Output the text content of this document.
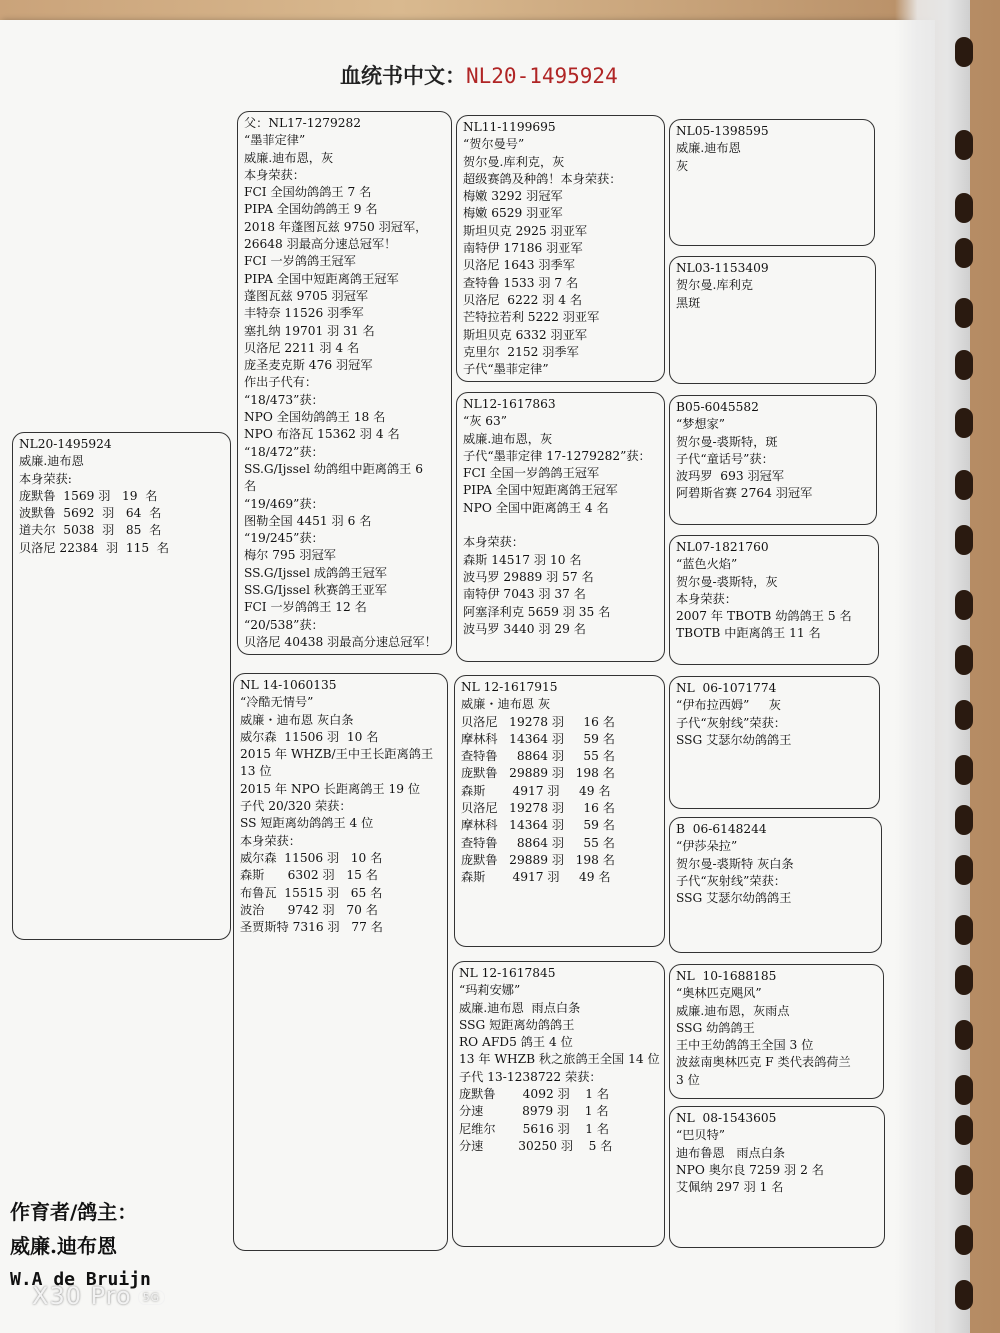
血统书中文：NL20-1495924
NL20-1495924
威廉.迪布恩
本身荣获:
庞默鲁  1569 羽   19  名
波默鲁  5692  羽   64  名
道夫尔  5038  羽   85  名
贝洛尼 22384  羽  115  名
父：NL17-1279282
“墨菲定律”
威廉.迪布恩，灰
本身荣获：
FCI 全国幼鸽鸽王 7 名
PIPA 全国幼鸽鸽王 9 名
2018 年蓬图瓦兹 9750 羽冠军，
26648 羽最高分速总冠军！
FCI 一岁鸽鸽王冠军
PIPA 全国中短距离鸽王冠军
蓬图瓦兹 9705 羽冠军
丰特奈 11526 羽季军
塞扎纳 19701 羽 31 名
贝洛尼 2211 羽 4 名
庞圣麦克斯 476 羽冠军
作出子代有：
“18/473”获：
NPO 全国幼鸽鸽王 18 名
NPO 布洛瓦 15362 羽 4 名
“18/472”获：
SS.G/Ijssel 幼鸽组中距离鸽王 6
名
“19/469”获：
图勒全国 4451 羽 6 名
“19/245”获：
梅尔 795 羽冠军
SS.G/Ijssel 成鸽鸽王冠军
SS.G/Ijssel 秋赛鸽王亚军
FCI 一岁鸽鸽王 12 名
“20/538”获：
贝洛尼 40438 羽最高分速总冠军！
NL 14-1060135
“冷酷无情号”
威廉・迪布恩 灰白条
威尔森  11506 羽  10 名
2015 年 WHZB/王中王长距离鸽王
13 位
2015 年 NPO 长距离鸽王 19 位
子代 20/320 荣获：
SS 短距离幼鸽鸽王 4 位
本身荣获：
威尔森  11506 羽   10 名
森斯      6302 羽   15 名
布鲁瓦  15515 羽   65 名
波治      9742 羽   70 名
圣贾斯特 7316 羽   77 名
NL11-1199695
“贺尔曼号”
贺尔曼.库利克，灰
超级赛鸽及种鸽！本身荣获：
梅嫩 3292 羽冠军
梅嫩 6529 羽亚军
斯坦贝克 2925 羽亚军
南特伊 17186 羽亚军
贝洛尼 1643 羽季军
查特鲁 1533 羽 7 名
贝洛尼  6222 羽 4 名
芒特拉若利 5222 羽亚军
斯坦贝克 6332 羽亚军
克里尔  2152 羽季军
子代“墨菲定律”
NL12-1617863
“灰 63”
威廉.迪布恩，灰
子代“墨菲定律 17-1279282”获：
FCI 全国一岁鸽鸽王冠军
PIPA 全国中短距离鸽王冠军
NPO 全国中距离鸽王 4 名

本身荣获：
森斯 14517 羽 10 名
波马罗 29889 羽 57 名
南特伊 7043 羽 37 名
阿塞泽利克 5659 羽 35 名
波马罗 3440 羽 29 名
NL 12-1617915
威廉・迪布恩 灰
贝洛尼   19278 羽     16 名
摩林科   14364 羽     59 名
查特鲁     8864 羽     55 名
庞默鲁   29889 羽   198 名
森斯       4917 羽     49 名
贝洛尼   19278 羽     16 名
摩林科   14364 羽     59 名
查特鲁     8864 羽     55 名
庞默鲁   29889 羽   198 名
森斯       4917 羽     49 名
NL 12-1617845
“玛莉安娜”
威廉.迪布恩  雨点白条
SSG 短距离幼鸽鸽王
RO AFD5 鸽王 4 位
13 年 WHZB 秋之旅鸽王全国 14 位
子代 13-1238722 荣获：
庞默鲁       4092 羽    1 名
分速          8979 羽    1 名
尼维尔       5616 羽    1 名
分速         30250 羽    5 名
NL05-1398595
威廉.迪布恩
灰
NL03-1153409
贺尔曼.库利克
黑斑
B05-6045582
“梦想家”
贺尔曼-裘斯特，斑
子代“童话号”获：
波玛罗  693 羽冠军
阿碧斯省赛 2764 羽冠军
NL07-1821760
“蓝色火焰”
贺尔曼-裘斯特，灰
本身荣获：
2007 年 TBOTB 幼鸽鸽王 5 名
TBOTB 中距离鸽王 11 名
NL  06-1071774
“伊布拉西姆”     灰
子代“灰射线”荣获：
SSG 艾瑟尔幼鸽鸽王
B  06-6148244
“伊莎朵拉”
贺尔曼-裘斯特 灰白条
子代“灰射线”荣获：
SSG 艾瑟尔幼鸽鸽王
NL  10-1688185
“奥林匹克飓风”
威廉.迪布恩，灰雨点
SSG 幼鸽鸽王
王中王幼鸽鸽王全国 3 位
波兹南奥林匹克 F 类代表鸽荷兰
3 位
NL  08-1543605
“巴贝特”
迪布鲁恩   雨点白条
NPO 奥尔良 7259 羽 2 名
艾佩纳 297 羽 1 名
作育者/鸽主：
威廉.迪布恩
W.A de Bruijn
X30 Pro 5G
